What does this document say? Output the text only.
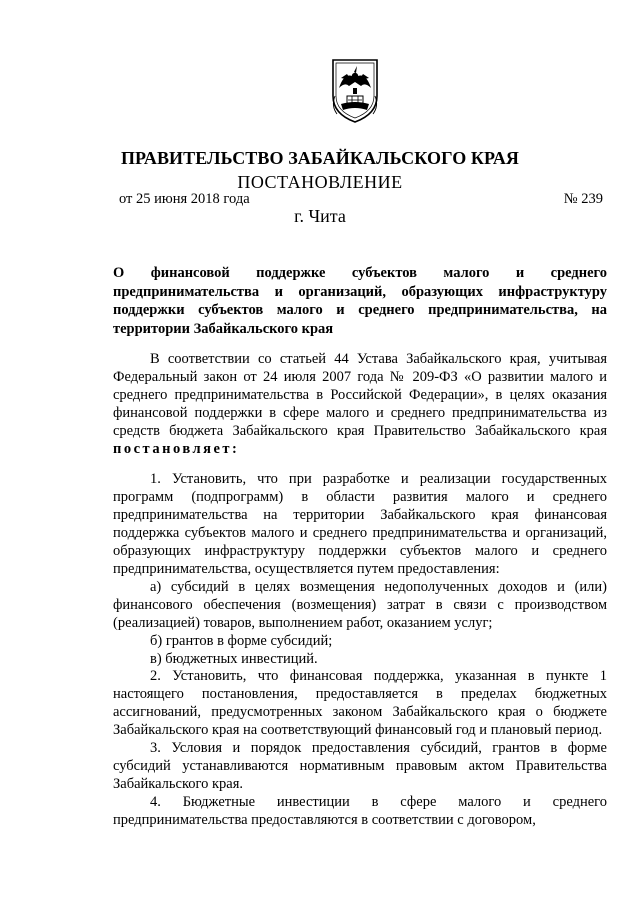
ПРАВИТЕЛЬСТВО ЗАБАЙКАЛЬСКОГО КРАЯ
ПОСТАНОВЛЕНИЕ
от 25 июня 2018 года	№ 239
г. Чита
О финансовой поддержке субъектов малого и среднего предпринимательства и организаций, образующих инфраструктуру поддержки субъектов малого и среднего предпринимательства, на территории Забайкальского края

В соответствии со статьей 44 Устава Забайкальского края, учитывая Федеральный закон от 24 июля 2007 года № 209-ФЗ «О развитии малого и среднего предпринимательства в Российской Федерации», в целях оказания финансовой поддержки в сфере малого и среднего предпринимательства из средств бюджета Забайкальского края Правительство Забайкальского края постановляет:

1. Установить, что при разработке и реализации государственных программ (подпрограмм) в области развития малого и среднего предпринимательства на территории Забайкальского края финансовая поддержка субъектов малого и среднего предпринимательства и организаций, образующих инфраструктуру поддержки субъектов малого и среднего предпринимательства, осуществляется путем предоставления:

а) субсидий в целях возмещения недополученных доходов и (или) финансового обеспечения (возмещения) затрат в связи с производством (реализацией) товаров, выполнением работ, оказанием услуг;

б) грантов в форме субсидий;

в) бюджетных инвестиций.

2. Установить, что финансовая поддержка, указанная в пункте 1 настоящего постановления, предоставляется в пределах бюджетных ассигнований, предусмотренных законом Забайкальского края о бюджете Забайкальского края на соответствующий финансовый год и плановый период.

3. Условия и порядок предоставления субсидий, грантов в форме субсидий устанавливаются нормативным правовым актом Правительства Забайкальского края.

4. Бюджетные инвестиции в сфере малого и среднего предпринимательства предоставляются в соответствии с договором,
